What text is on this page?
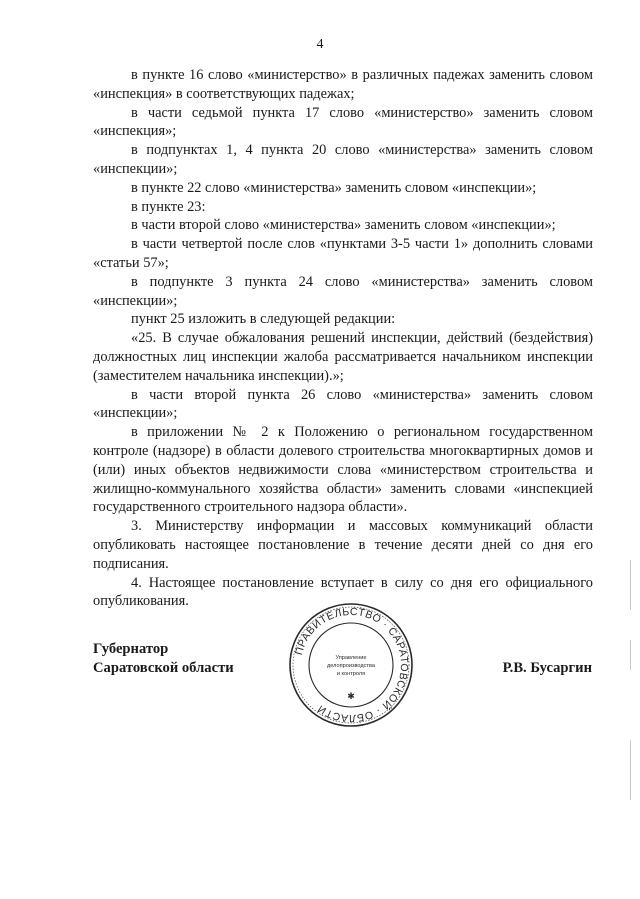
4

в пункте 16 слово «министерство» в различных падежах заменить словом «инспекция» в соответствующих падежах;

в части седьмой пункта 17 слово «министерство» заменить словом «инспекция»;

в подпунктах 1, 4 пункта 20 слово «министерства» заменить словом «инспекции»;

в пункте 22 слово «министерства» заменить словом «инспекции»;

в пункте 23:

в части второй слово «министерства» заменить словом «инспекции»;

в части четвертой после слов «пунктами 3-5 части 1» дополнить словами «статьи 57»;

в подпункте 3 пункта 24 слово «министерства» заменить словом «инспекции»;

пункт 25 изложить в следующей редакции:

«25. В случае обжалования решений инспекции, действий (бездействия) должностных лиц инспекции жалоба рассматривается начальником инспекции (заместителем начальника инспекции).»;

в части второй пункта 26 слово «министерства» заменить словом «инспекции»;

в приложении № 2 к Положению о региональном государственном контроле (надзоре) в области долевого строительства многоквартирных домов и (или) иных объектов недвижимости слова «министерством строительства и жилищно-коммунального хозяйства области» заменить словами «инспекцией государственного строительного надзора области».

3. Министерству информации и массовых коммуникаций области опубликовать настоящее постановление в течение десяти дней со дня его подписания.

4. Настоящее постановление вступает в силу со дня его официального опубликования.

Губернатор
Саратовской области
ПРАВИТЕЛЬСТВО · САРАТОВСКОЙ · ОБЛАСТИ
✱
Управление
делопроизводства
и контроля	Р.В. Бусаргин
